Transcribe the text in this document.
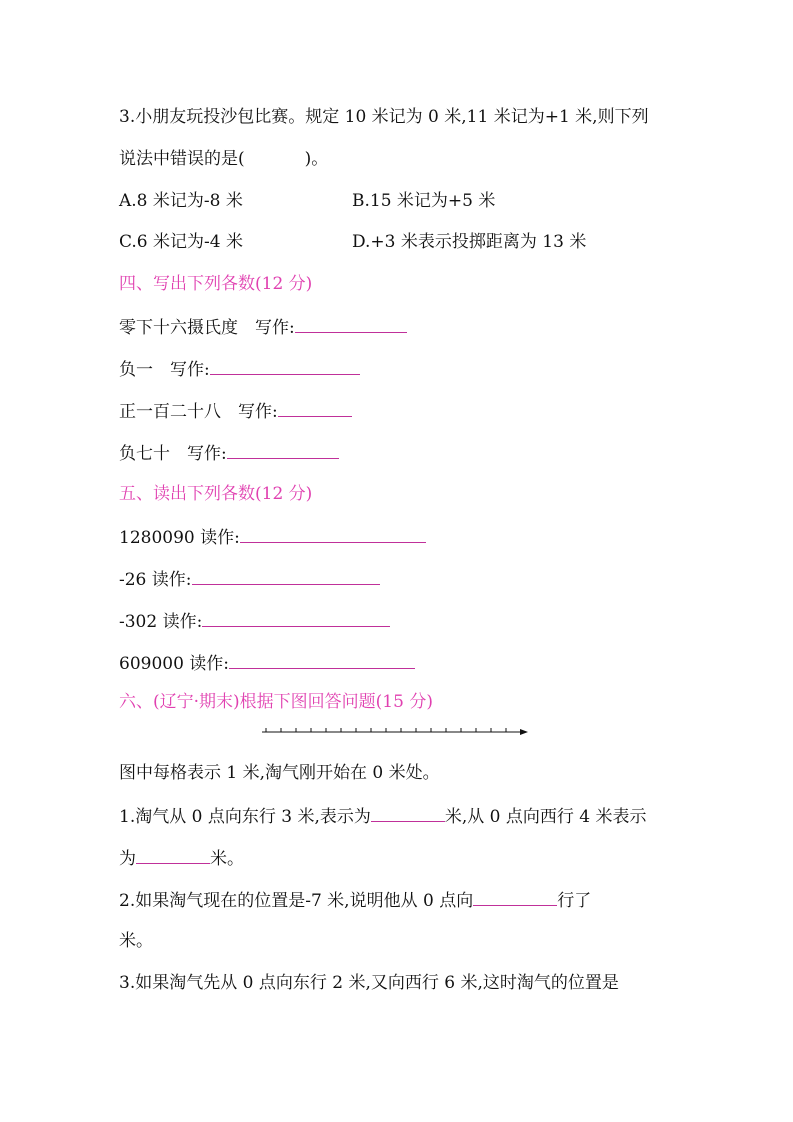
3.小朋友玩投沙包比赛。规定 10 米记为 0 米,11 米记为+1 米,则下列
说法中错误的是(	)。
A.8 米记为-8 米	B.15 米记为+5 米
C.6 米记为-4 米	D.+3 米表示投掷距离为 13 米
四、写出下列各数(12 分)
零下十六摄氏度　写作:
负一　写作:
正一百二十八　写作:
负七十　写作:
五、读出下列各数(12 分)
1280090 读作:
-26 读作:
-302 读作:
609000 读作:
六、(辽宁·期末)根据下图回答问题(15 分)
图中每格表示 1 米,淘气刚开始在 0 米处。
1.淘气从 0 点向东行 3 米,表示为	米,从 0 点向西行 4 米表示
为	米。
2.如果淘气现在的位置是-7 米,说明他从 0 点向	行了
米。
3.如果淘气先从 0 点向东行 2 米,又向西行 6 米,这时淘气的位置是
